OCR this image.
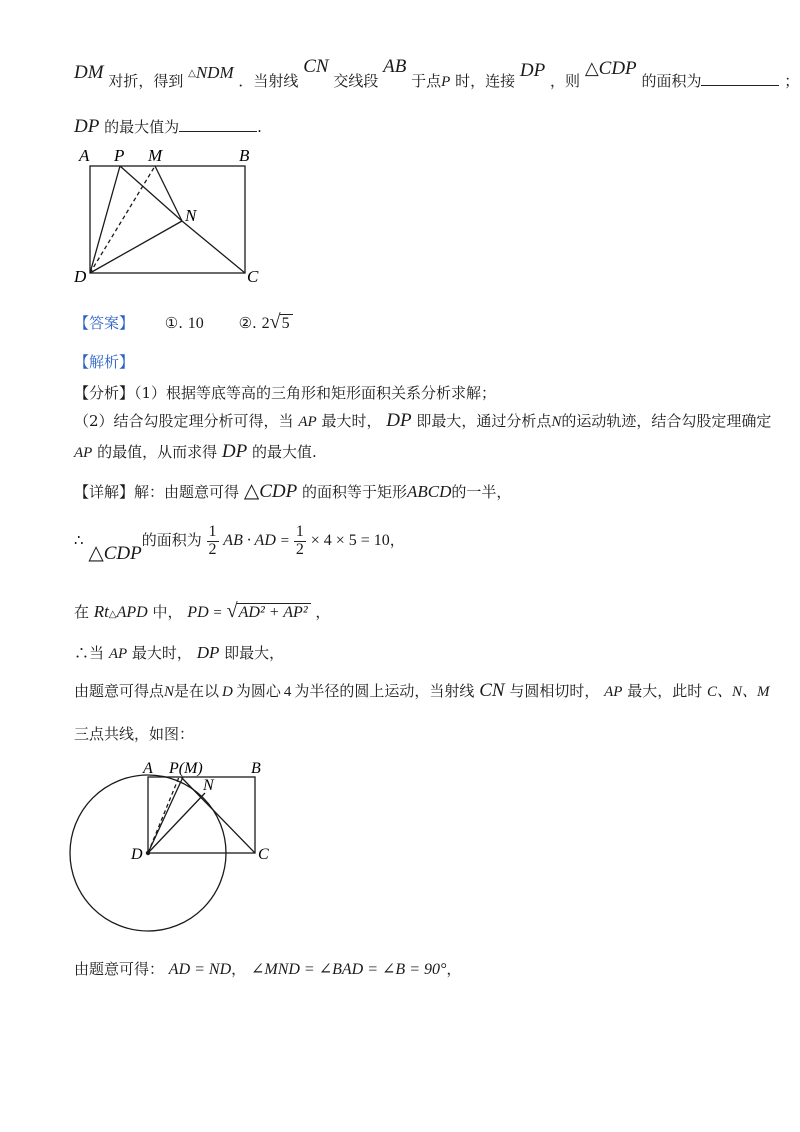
DM 对折，得到 △NDM ．当射线 CN 交线段 AB 于点P 时，连接 DP ，则 △CDP 的面积为	；
DP 的最大值为	.
A P M	B
N
D	C
【答案】 ①. 10 ②. 2√5
【解析】
【分析】（1）根据等底等高的三角形和矩形面积关系分析求解；
（2）结合勾股定理分析可得，当 AP 最大时， DP 即最大，通过分析点N的运动轨迹，结合勾股定理确定
AP 的最值，从而求得 DP 的最大值.
【详解】解：由题意可得 △CDP 的面积等于矩形ABCD的一半，
∴ △CDP的面积为 $\frac{1}{2}$ AB · AD = $\frac{1}{2} \times 4 \times 5 = 10$，
在 Rt△APD 中， PD = √AD² + AP² ，
∴当 AP 最大时， DP 即最大，
由题意可得点N是在以 D 为圆心 4 为半径的圆上运动，当射线 CN 与圆相切时， AP 最大，此时 C、N、M
三点共线，如图：
A P(M)	B
N
D	C
由题意可得： AD = ND， ∠MND = ∠BAD = ∠B = 90°，
